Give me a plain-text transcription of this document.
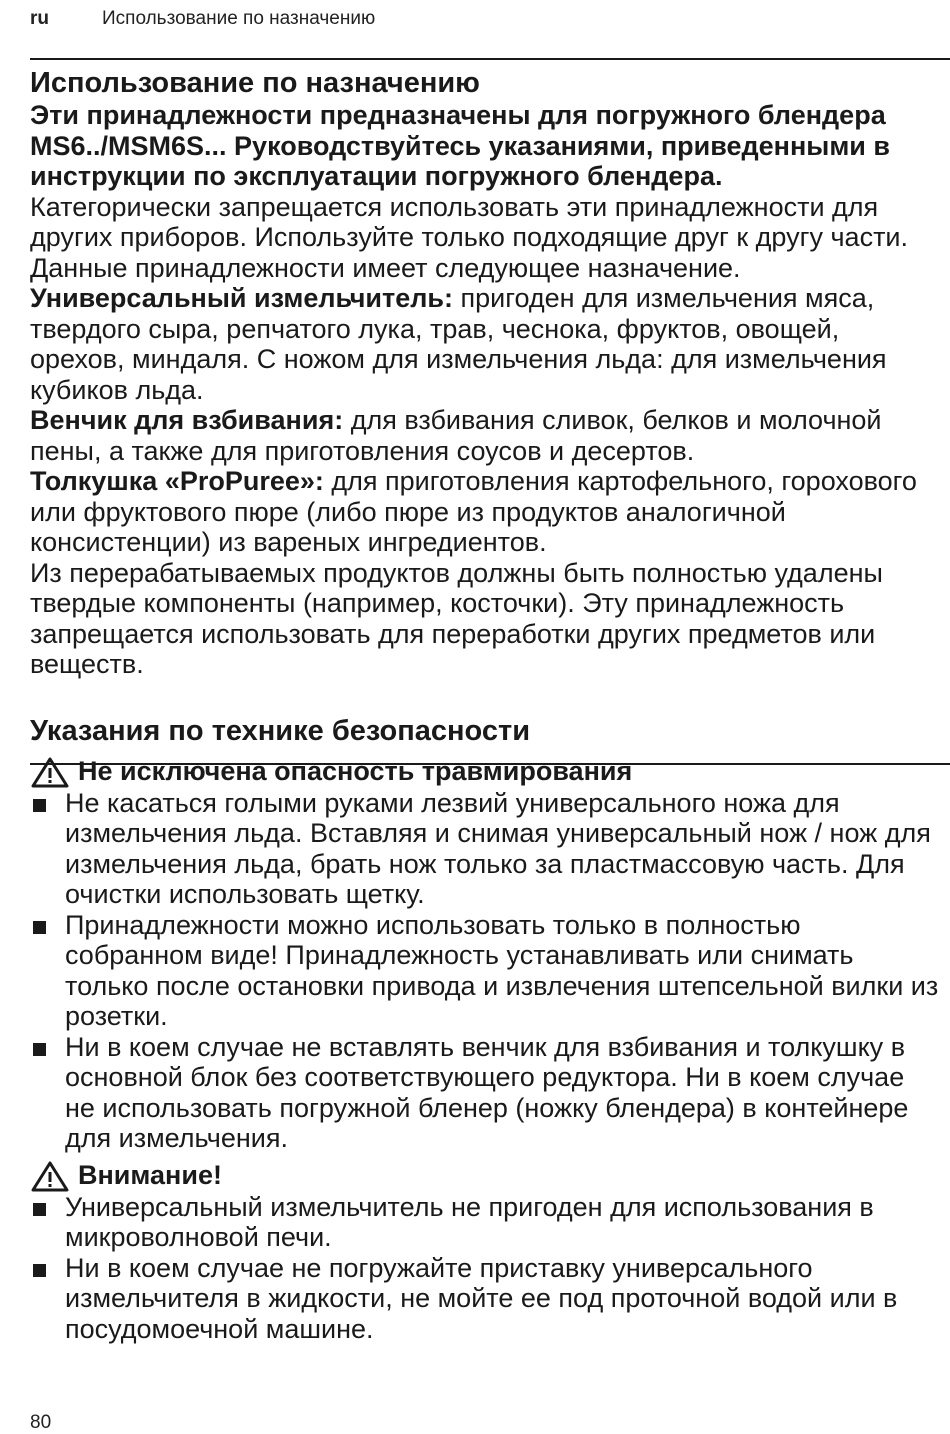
ru	Использование по назначению
Использование по назначению

Эти принадлежности предназначены для погружного блендера MS6../MSM6S... Руководствуйтесь указаниями, приведенными в инструкции по эксплуатации погружного блендера.

Категорически запрещается использовать эти принадлежности для других приборов. Используйте только подходящие друг к другу части.

Данные принадлежности имеет следующее назначение.

Универсальный измельчитель: пригоден для измельчения мяса, твердого сыра, репчатого лука, трав, чеснока, фруктов, овощей, орехов, миндаля. С ножом для измельчения льда: для измельчения кубиков льда.

Венчик для взбивания: для взбивания сливок, белков и молочной пены, а также для приготовления соусов и десертов.

Толкушка «ProPuree»: для приготовления картофельного, горохового или фруктового пюре (либо пюре из продуктов аналогичной консистенции) из вареных ингредиентов.

Из перерабатываемых продуктов должны быть полностью удалены твердые компоненты (например, косточки). Эту принадлежность запрещается использовать для переработки других предметов или веществ.

Указания по технике безопасности
Не исключена опасность травмирования
Не касаться голыми руками лезвий универсального ножа для измельчения льда. Вставляя и снимая универсальный нож / нож для измельчения льда, брать нож только за пластмассовую часть. Для очистки использовать щетку.
Принадлежности можно использовать только в полностью собранном виде! Принадлежность устанавливать или снимать только после остановки привода и извлечения штепсельной вилки из розетки.
Ни в коем случае не вставлять венчик для взбивания и толкушку в основной блок без соответствующего редуктора. Ни в коем случае не использовать погружной бленер (ножку блендера) в контейнере для измельчения.
Внимание!
Универсальный измельчитель не пригоден для использования в микроволновой печи.
Ни в коем случае не погружайте приставку универсального измельчителя в жидкости, не мойте ее под проточной водой или в посудомоечной машине.
80
